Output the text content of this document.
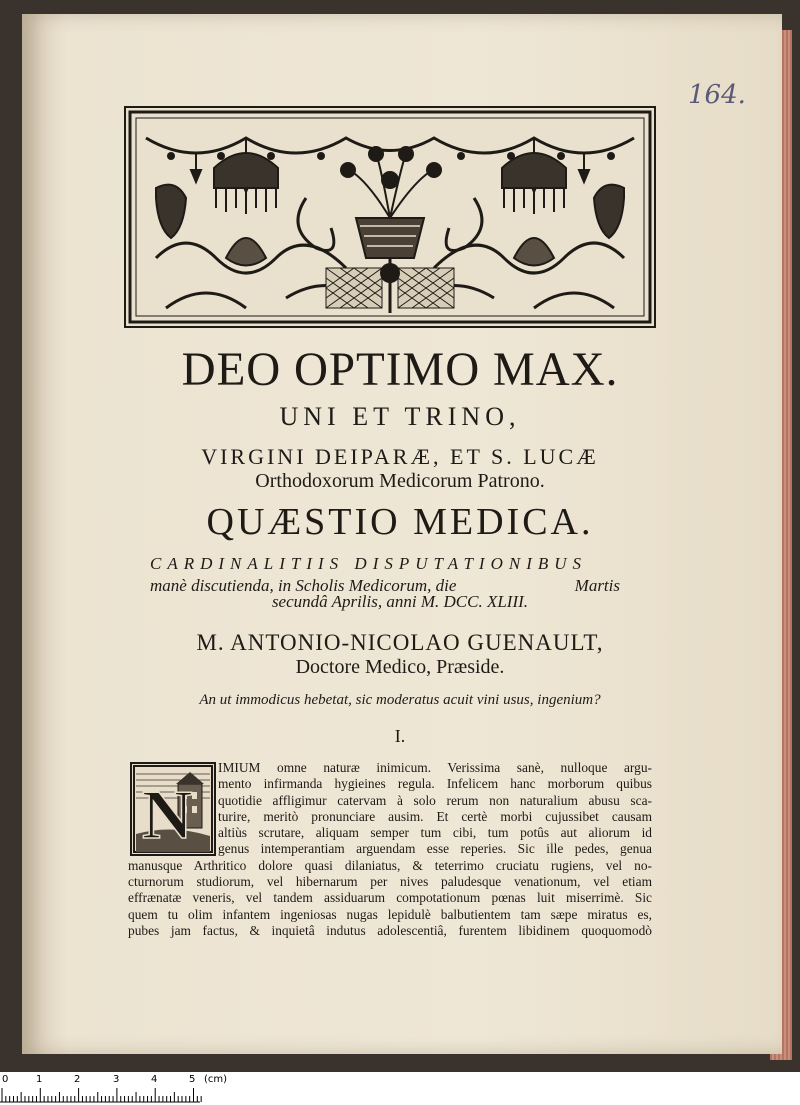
164.
DEO OPTIMO MAX.
UNI ET TRINO,
VIRGINI DEIPARÆ, ET S. LUCÆ
Orthodoxorum Medicorum Patrono.
QUÆSTIO MEDICA.
CARDINALITIIS DISPUTATIONIBUS
manè discutienda, in Scholis Medicorum, die	Martis
secundâ Aprilis, anni M. DCC. XLIII.
M. ANTONIO-NICOLAO GUENAULT,
Doctore Medico, Præside.
An ut immodicus hebetat, sic moderatus acuit vini usus, ingenium?
I.
N
IMIUM omne naturæ inimicum. Verissima sanè, nulloque argu-
mento infirmanda hygieines regula. Infelicem hanc morborum quibus
quotidie affligimur catervam à solo rerum non naturalium abusu sca-
turire, meritò pronunciare ausim. Et certè morbi cujussibet causam
altiùs scrutare, aliquam semper tum cibi, tum potûs aut aliorum id
genus intemperantiam arguendam esse reperies. Sic ille pedes, genua
manusque Arthritico dolore quasi dilaniatus, & teterrimo cruciatu rugiens, vel no-
cturnorum studiorum, vel hibernarum per nives paludesque venationum, vel etiam
effrænatæ veneris, vel tandem assiduarum compotationum pœnas luit miserrimè. Sic
quem tu olim infantem ingeniosas nugas lepidulè balbutientem tam sæpe miratus es,
pubes jam factus, & inquietâ indutus adolescentiâ, furentem libidinem quoquomodò
0	1	2	3	4	5 (cm)
